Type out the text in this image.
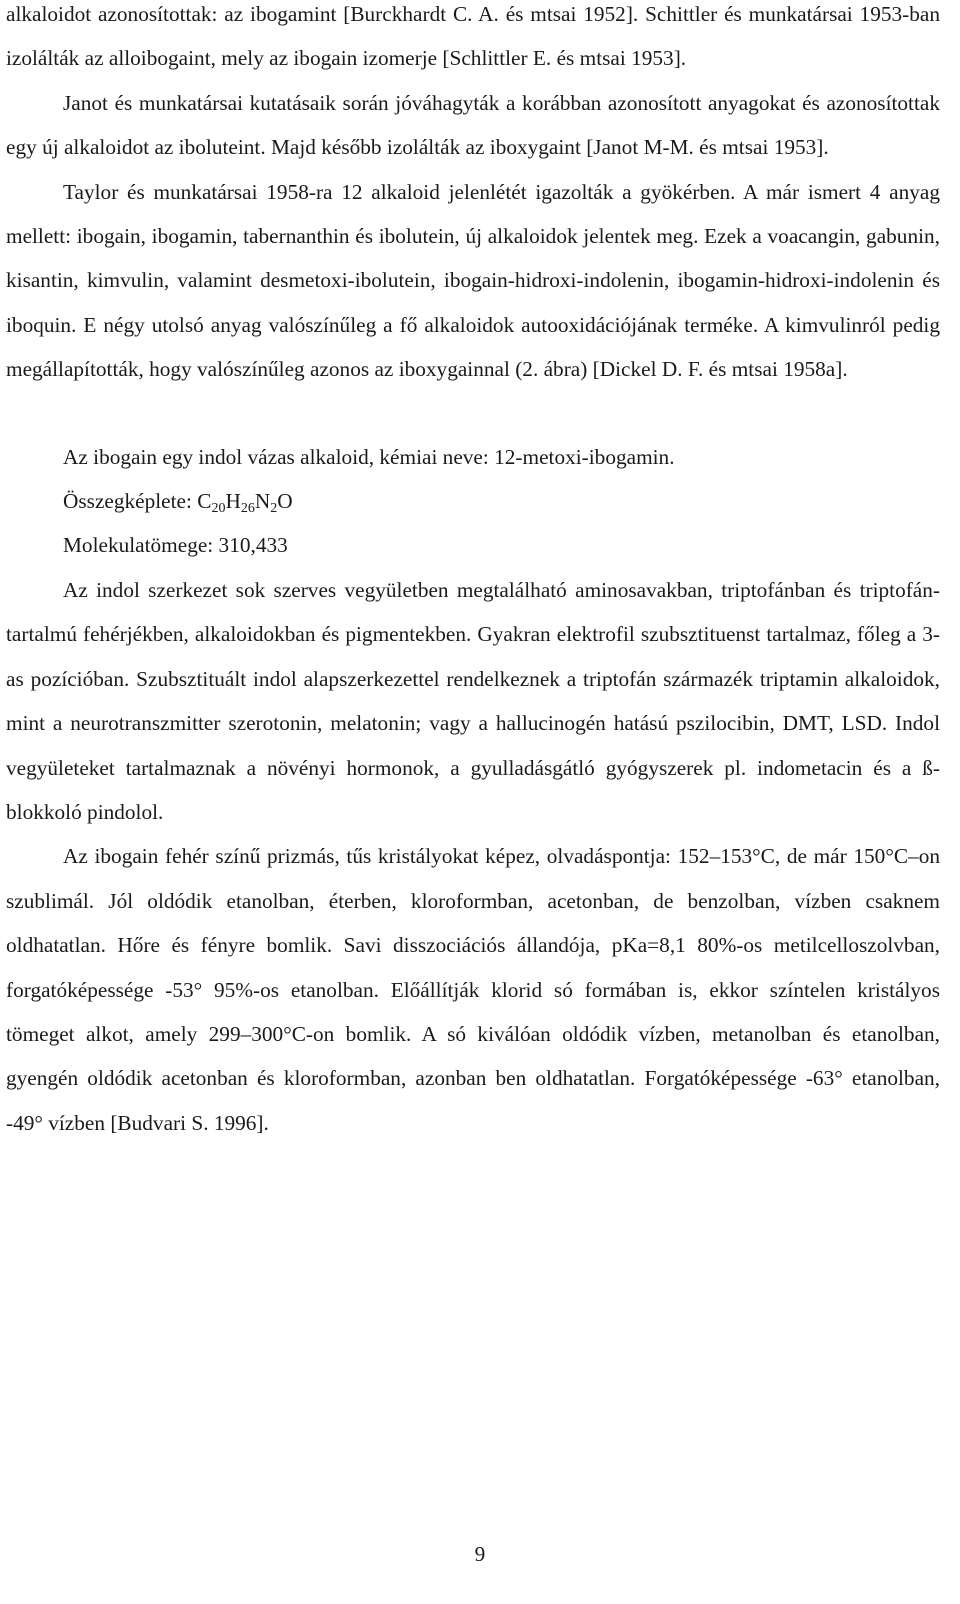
alkaloidot azonosítottak: az ibogamint [Burckhardt C. A. és mtsai 1952]. Schittler és munkatársai 1953-ban izolálták az alloibogaint, mely az ibogain izomerje [Schlittler E. és mtsai 1953].

Janot és munkatársai kutatásaik során jóváhagyták a korábban azonosított anyagokat és azonosítottak egy új alkaloidot az iboluteint. Majd később izolálták az iboxygaint [Janot M-M. és mtsai 1953].

Taylor és munkatársai 1958-ra 12 alkaloid jelenlétét igazolták a gyökérben. A már ismert 4 anyag mellett: ibogain, ibogamin, tabernanthin és ibolutein, új alkaloidok jelentek meg. Ezek a voacangin, gabunin, kisantin, kimvulin, valamint desmetoxi-ibolutein, ibogain-hidroxi-indolenin, ibogamin-hidroxi-indolenin és iboquin. E négy utolsó anyag valószínűleg a fő alkaloidok autooxidációjának terméke. A kimvulinról pedig megállapították, hogy valószínűleg azonos az iboxygainnal (2. ábra) [Dickel D. F. és mtsai 1958a].

Az ibogain egy indol vázas alkaloid, kémiai neve: 12-metoxi-ibogamin.

Összegképlete: $C_{20}H_{26}N_2O$

Molekulatömege: 310,433

Az indol szerkezet sok szerves vegyületben megtalálható aminosavakban, triptofánban és triptofán-tartalmú fehérjékben, alkaloidokban és pigmentekben. Gyakran elektrofil szubsztituenst tartalmaz, főleg a 3-as pozícióban. Szubsztituált indol alapszerkezettel rendelkeznek a triptofán származék triptamin alkaloidok, mint a neurotranszmitter szerotonin, melatonin; vagy a hallucinogén hatású pszilocibin, DMT, LSD. Indol vegyületeket tartalmaznak a növényi hormonok, a gyulladásgátló gyógyszerek pl. indometacin és a ß-blokkoló pindolol.

Az ibogain fehér színű prizmás, tűs kristályokat képez, olvadáspontja: 152–153°C, de már 150°C–on szublimál. Jól oldódik etanolban, éterben, kloroformban, acetonban, de benzolban, vízben csaknem oldhatatlan. Hőre és fényre bomlik. Savi disszociációs állandója, pKa=8,1 80%-os metilcelloszolvban, forgatóképessége -53° 95%-os etanolban. Előállítják klorid só formában is, ekkor színtelen kristályos tömeget alkot, amely 299–300°C-on bomlik. A só kiválóan oldódik vízben, metanolban és etanolban, gyengén oldódik acetonban és kloroformban, azonban ben oldhatatlan. Forgatóképessége -63° etanolban, -49° vízben [Budvari S. 1996].

9
